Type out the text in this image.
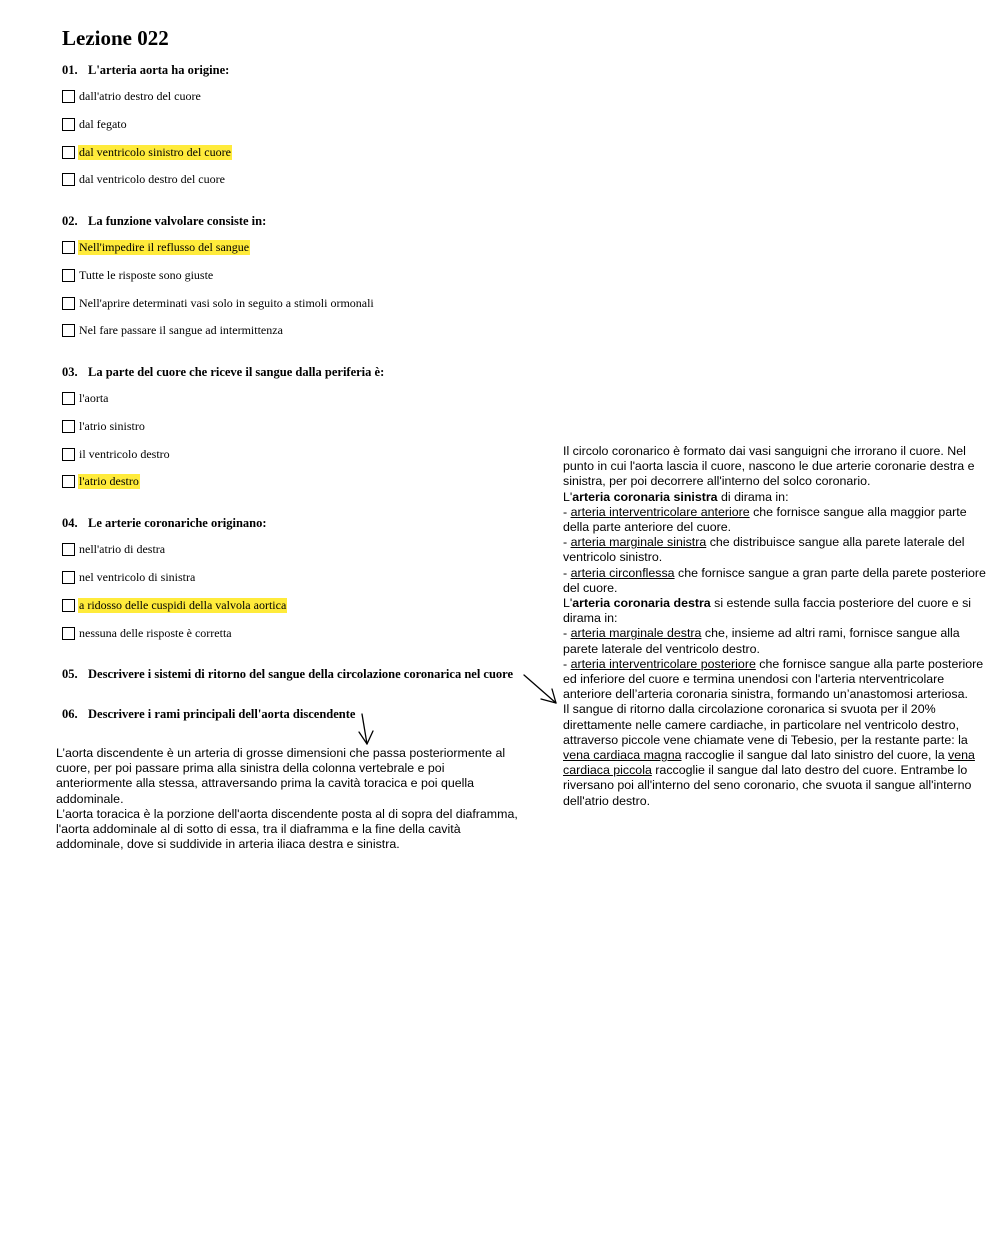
Lezione 022
01. L'arteria aorta ha origine:
dall'atrio destro del cuore
dal fegato
dal ventricolo sinistro del cuore
dal ventricolo destro del cuore
02. La funzione valvolare consiste in:
Nell'impedire il reflusso del sangue
Tutte le risposte sono giuste
Nell'aprire determinati vasi solo in seguito a stimoli ormonali
Nel fare passare il sangue ad intermittenza
03. La parte del cuore che riceve il sangue dalla periferia è:
l'aorta
l'atrio sinistro
il ventricolo destro
l'atrio destro
04. Le arterie coronariche originano:
nell'atrio di destra
nel ventricolo di sinistra
a ridosso delle cuspidi della valvola aortica
nessuna delle risposte è corretta
05. Descrivere i sistemi di ritorno del sangue della circolazione coronarica nel cuore
06. Descrivere i rami principali dell'aorta discendente

L’aorta discendente è un arteria di grosse dimensioni che passa posteriormente al cuore, per poi passare prima alla sinistra della colonna vertebrale e poi anteriormente alla stessa, attraversando prima la cavità toracica e poi quella addominale.

L’aorta toracica è la porzione dell'aorta discendente posta al di sopra del diaframma, l'aorta addominale al di sotto di essa, tra il diaframma e la fine della cavità addominale, dove si suddivide in arteria iliaca destra e sinistra.

Il circolo coronarico è formato dai vasi sanguigni che irrorano il cuore. Nel punto in cui l'aorta lascia il cuore, nascono le due arterie coronarie destra e sinistra, per poi decorrere all'interno del solco coronario.

L'arteria coronaria sinistra di dirama in:

- arteria interventricolare anteriore che fornisce sangue alla maggior parte della parte anteriore del cuore.

- arteria marginale sinistra che distribuisce sangue alla parete laterale del ventricolo sinistro.

- arteria circonflessa che fornisce sangue a gran parte della parete posteriore del cuore.

L'arteria coronaria destra si estende sulla faccia posteriore del cuore e si dirama in:

- arteria marginale destra che, insieme ad altri rami, fornisce sangue alla parete laterale del ventricolo destro.

- arteria interventricolare posteriore che fornisce sangue alla parte posteriore ed inferiore del cuore e termina unendosi con l'arteria nterventricolare anteriore dell’arteria coronaria sinistra, formando un’anastomosi arteriosa.

Il sangue di ritorno dalla circolazione coronarica si svuota per il 20% direttamente nelle camere cardiache, in particolare nel ventricolo destro, attraverso piccole vene chiamate vene di Tebesio, per la restante parte: la vena cardiaca magna raccoglie il sangue dal lato sinistro del cuore, la vena cardiaca piccola raccoglie il sangue dal lato destro del cuore. Entrambe lo riversano poi all'interno del seno coronario, che svuota il sangue all'interno dell'atrio destro.
